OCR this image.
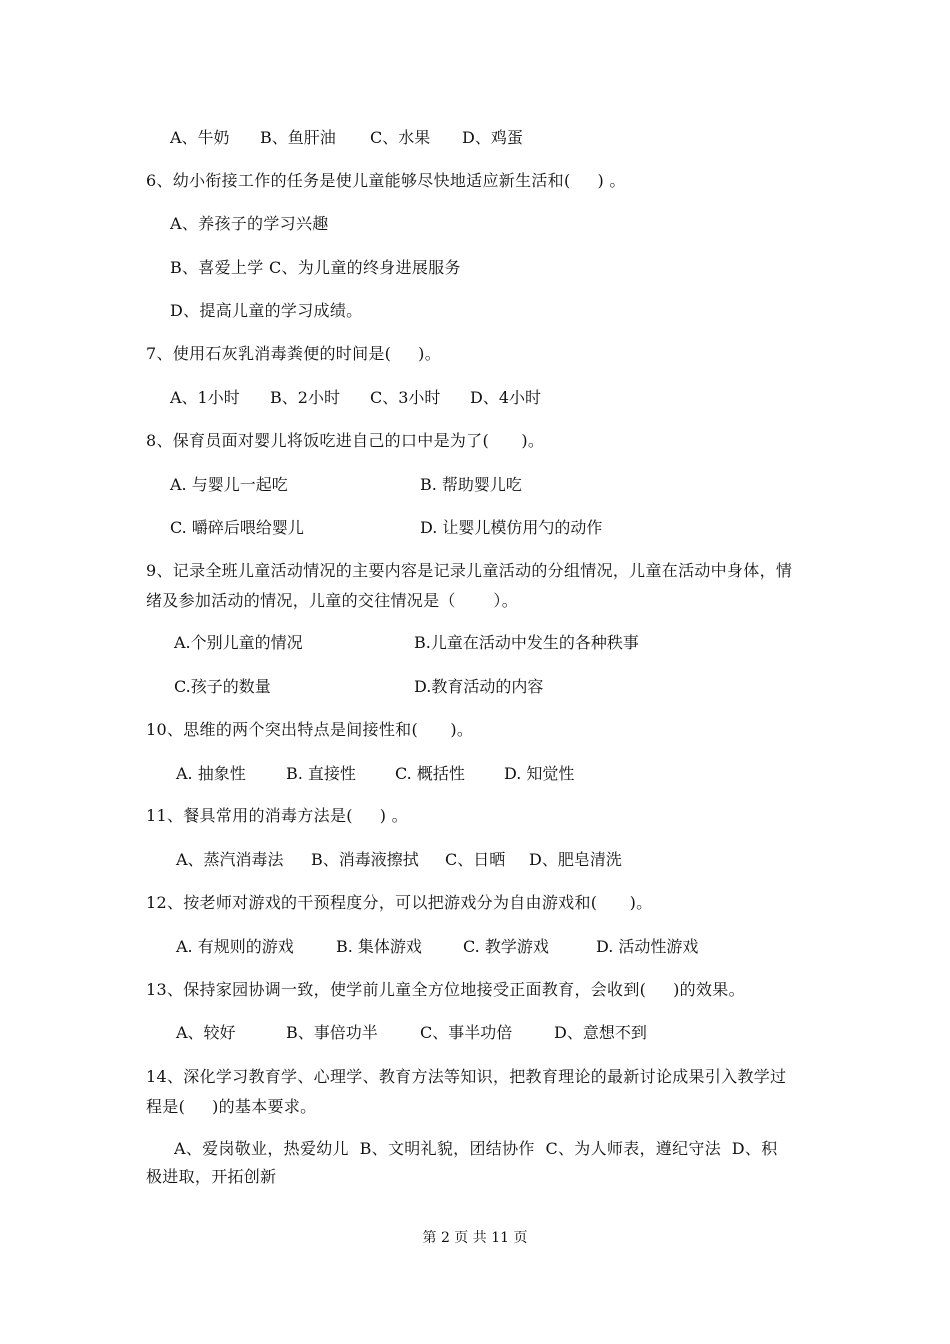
A、牛奶 B、鱼肝油 C、水果 D、鸡蛋
6、幼小衔接工作的任务是使儿童能够尽快地适应新生活和(     ) 。
A、养孩子的学习兴趣
B、喜爱上学 C、为儿童的终身进展服务
D、提高儿童的学习成绩。
7、使用石灰乳消毒粪便的时间是(     )。
A、1小时 B、2小时 C、3小时 D、4小时
8、保育员面对婴儿将饭吃进自己的口中是为了(      )。
A. 与婴儿一起吃	B. 帮助婴儿吃
C. 嚼碎后喂给婴儿	D. 让婴儿模仿用勺的动作
9、记录全班儿童活动情况的主要内容是记录儿童活动的分组情况，儿童在活动中身体，情
绪及参加活动的情况，儿童的交往情况是（       ）。
A.个别儿童的情况	B.儿童在活动中发生的各种秩事
C.孩子的数量	D.教育活动的内容
10、思维的两个突出特点是间接性和(      )。
A. 抽象性	B. 直接性 C. 概括性 D. 知觉性
11、餐具常用的消毒方法是(     ) 。
A、蒸汽消毒法 B、消毒液擦拭 C、日晒 D、肥皂清洗
12、按老师对游戏的干预程度分，可以把游戏分为自由游戏和(      )。
A. 有规则的游戏	B. 集体游戏	C. 教学游戏	D. 活动性游戏
13、保持家园协调一致，使学前儿童全方位地接受正面教育，会收到(     )的效果。
A、较好	B、事倍功半	C、事半功倍	D、意想不到
14、深化学习教育学、心理学、教育方法等知识，把教育理论的最新讨论成果引入教学过
程是(     )的基本要求。
A、爱岗敬业，热爱幼儿  B、文明礼貌，团结协作  C、为人师表，遵纪守法  D、积
极进取，开拓创新
第 2 页 共 11 页
